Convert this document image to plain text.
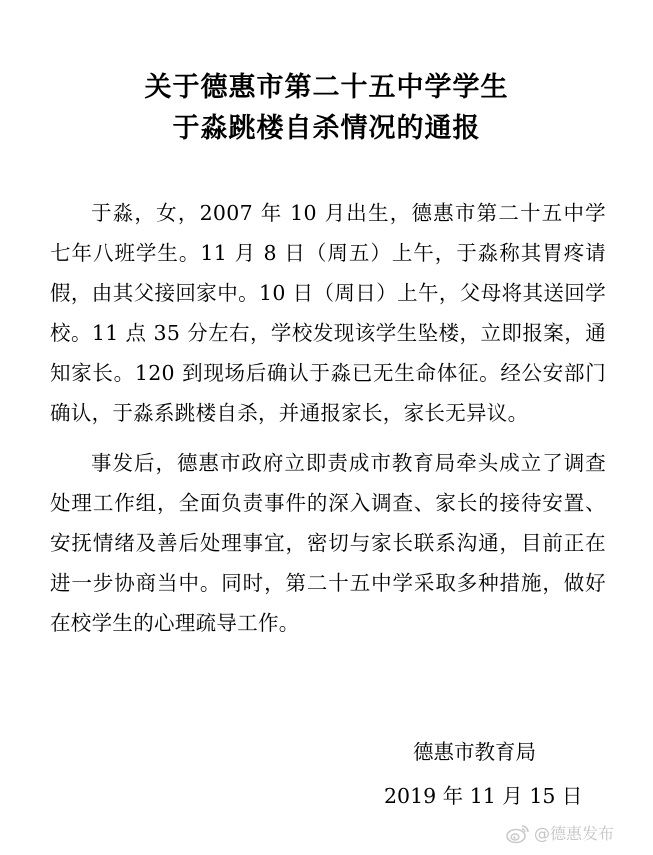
关于德惠市第二十五中学学生
于淼跳楼自杀情况的通报

于淼，女，2007 年 10 月出生，德惠市第二十五中学七年八班学生。11 月 8 日（周五）上午，于淼称其胃疼请假，由其父接回家中。10 日（周日）上午，父母将其送回学校。11 点 35 分左右，学校发现该学生坠楼，立即报案，通知家长。120 到现场后确认于淼已无生命体征。经公安部门确认，于淼系跳楼自杀，并通报家长，家长无异议。

事发后，德惠市政府立即责成市教育局牵头成立了调查处理工作组，全面负责事件的深入调查、家长的接待安置、安抚情绪及善后处理事宜，密切与家长联系沟通，目前正在进一步协商当中。同时，第二十五中学采取多种措施，做好在校学生的心理疏导工作。

德惠市教育局

2019 年 11 月 15 日

@德惠发布
